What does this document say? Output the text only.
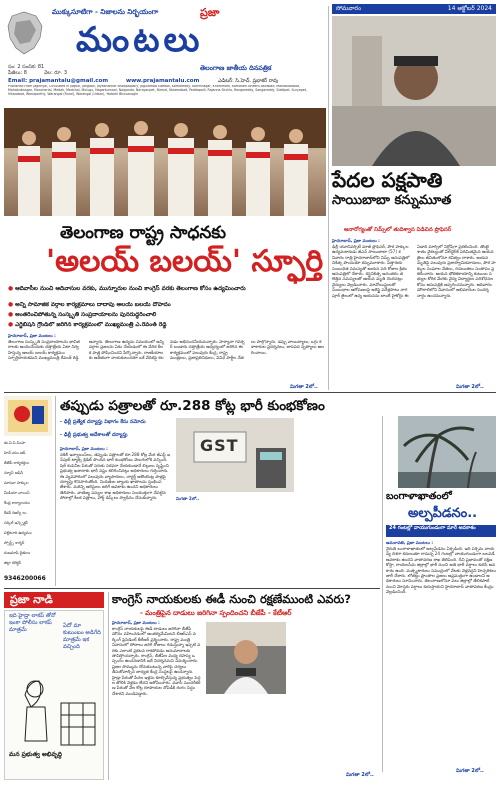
ముక్కుసూటిగా - నిజాలను నిర్భయంగా	ప్రజా
మంటలు
తెలంగాణ జాతీయ దినపత్రిక
సం: 2 సంచిక: 81
పేజీలు: 8	వెల: రూ. 3
Email: prajamantalu@gmail.com	www.prajamantalu.com	ఎడిటర్: సి.హెచ్. ప్రభాకర్ రావు
Published From Jagithyal, Circulated in Jagtial, Jangaon, Jayashankar Bhoopalpally, Jogulamba Gadwal, Kamareddy, Karimnagar, Khammam, Komaram Bheem Asifabad, Mahabubabad, Mahabubnagar, Mancherial, Medak, Medchal, Mulugu, Nagarkurnool, Nalgonda, Narayanpet, Nirmal, Nizamabad, Peddapalli, Rajanna Sircilla, Rangareddy, Sangareddy, Siddipet, Suryapet, Vikarabad, Wanaparthy, Warangal (Rural), Warangal (Urban), Yadadri Bhuvanagiri
సోమవారం	14 అక్టోబర్ 2024
పేదల పక్షపాతి
సాయిబాబా కన్నుమూత
అనారోగ్యంతో నిమ్స్‌లో తుదిశ్వాస విడిచిన ప్రొఫెసర్
హైదరాబాద్, ప్రజా మంటలు :
ఢిల్లీ యూనివర్సిటీ మాజీ ప్రొఫెసర్, పౌర హక్కుల ఉద్యమకారుడు జీఎన్ సాయిబాబా (57) శనివారం రాత్రి హైదరాబాద్‌లోని నిమ్స్ ఆసుపత్రిలో చికిత్స పొందుతూ కన్నుమూశారు. పిత్తాశయ సంబంధిత సమస్యతో ఆయన పది రోజుల క్రితం ఆసుపత్రిలో చేరారు. శస్త్రచికిత్స అనంతరం తలెత్తిన సమస్యలతో ఆయన మృతి చెందినట్లు వైద్యులు వెల్లడించారు. మావోయిస్టులతో సంబంధాల ఆరోపణలపై అరెస్టై పదేళ్లపాటు నాగపూర్ జైలులో ఉన్న ఆయనను బాంబే హైకోర్టు ఈ ఏడాది మార్చిలో నిర్దోషిగా ప్రకటించింది. తొంభై శాతం వైకల్యంతో వీల్‌ఛైర్‌కే పరిమితమైన ఆయన జైలు జీవితంలోనూ కవిత్వం రాశారు. ఆయన మృతిపై పలువురు ప్రజాస్వామికవాదులు, పౌర హక్కుల సంఘాల నేతలు, రచయితలు సంతాపం ప్రకటించారు. ఆయన భౌతికకాయాన్ని కుటుంబ సభ్యుల కోరిక మేరకు వైద్య విద్యార్థుల పరిశోధనల కోసం ఆసుపత్రికి అప్పగించనున్నారు. ఆదివారం మౌలాలిలోని నివాసంలో అభిమానుల సందర్శనార్థం ఉంచనున్నారు.
మిగతా 2లో..
తెలంగాణ రాష్ట్ర సాధనకు
'అలయ్ బలయ్' స్ఫూర్తి
● ఆదివాసీల నుంచి ఆదివాసుల వరకు, మున్నూరుల నుంచి కాంగ్రెస్ వరకు తెలంగాణ కోసం ఉద్యమించారు
● అన్ని సామాజిక వర్గాల కార్యక్రమాలు దాదాపు అలయ్ బలయ్ దోహదం
● అంతరించిపోతున్న సంస్కృతి సంప్రదాయాలను పునరుద్ధరించాలి
● ఎగ్జిబిషన్ గ్రౌండ్‌లో జరిగిన కార్యక్రమంలో ముఖ్యమంత్రి ఎ.రేవంత్ రెడ్డి
హైదరాబాద్, ప్రజా మంటలు :
తెలంగాణ సంస్కృతి సంప్రదాయాలను భావితరాలకు అందించేందుకు దత్తాత్రేయ ఏటా నిర్వహిస్తున్న అలయ్ బలయ్ కార్యక్రమం స్ఫూర్తిదాయకమని ముఖ్యమంత్రి రేవంత్ రెడ్డి అన్నారు. తెలంగాణ ఉద్యమ సమయంలో అన్ని వర్గాల ప్రజలను ఏకం చేయడంలో ఈ వేదిక కీలక పాత్ర పోషించిందని పేర్కొన్నారు. రాజకీయాలకు అతీతంగా నాయకులందరూ ఒకే వేదికపై కలవడం అభినందనీయమన్నారు. హర్యానా గవర్నర్ బండారు దత్తాత్రేయ ఆధ్వర్యంలో జరిగిన ఈ కార్యక్రమంలో పలువురు కేంద్ర, రాష్ట్ర మంత్రులు, ప్రజాప్రతినిధులు, వివిధ పార్టీల నేతలు పాల్గొన్నారు. డప్పు వాయిద్యాలు, ఒగ్గు కళాకారుల ప్రదర్శనలు, జానపద నృత్యాలు అలరించాయి.
మిగతా 2లో..
ఈ.వి.సి.సింహ
హెచ్.యం.ఆర్.
బీజేపీ కార్యకర్తలు
న్యూస్ ఆఫీస్
మానవా హక్కుల
మీడియా వాయిస్
కేంద్ర కార్యాలయం
కేడర్ రిజర్వ్ లు
సర్కిల్ ఇన్స్పెక్టర్
పల్లెటూరి ఉద్యమం
స్పోర్ట్స్ కార్నర్
రుణమాఫీ రైతులు
జిల్లా కలెక్టర్
9346200066
తప్పుడు పత్రాలతో రూ.288 కోట్ల భారీ కుంభకోణం
- ఢిల్లీ ప్రత్యేక దర్యాప్తు విభాగం కేసు నమోదు
- ఢిల్లీ ప్రభుత్వ ఆదేశాలతో దర్యాప్తు
హైదరాబాద్, ప్రజా మంటలు :
నకిలీ ఇన్వాయిస్‌లు, తప్పుడు పత్రాలతో రూ.288 కోట్ల మేర జీఎస్టీ ఇన్‌పుట్ ట్యాక్స్ క్రెడిట్ పొందిన భారీ కుంభకోణం వెలుగులోకి వచ్చింది. షెల్ కంపెనీల పేరుతో సరుకు సరఫరా చేయకుండానే బిల్లులు సృష్టించి ప్రభుత్వ ఖజానాకు భారీ నష్టం కలిగించినట్లు అధికారులు గుర్తించారు. ఈ వ్యవహారంలో పలువురు వ్యాపారులు, చార్టర్డ్ అకౌంటెంట్ల పాత్రపై దర్యాప్తు కొనసాగుతోంది. నిందితుల బ్యాంకు ఖాతాలను స్తంభింపజేశారు. మరిన్ని అరెస్టులు జరిగే అవకాశం ఉందని అధికారులు తెలిపారు. వాణిజ్య పన్నుల శాఖ అధికారులు సంయుక్తంగా చేపట్టిన సోదాల్లో కీలక పత్రాలు, హార్డ్ డిస్క్‌లు స్వాధీనం చేసుకున్నారు.
GST
మిగతా 2లో..	బంగాళాఖాతంలో
అల్పపీడనం..
24 గంటల్లో వాయుగుండంగా మారే అవకాశం
అమరావతి, ప్రజా మంటలు :
నైరుతి బంగాళాఖాతంలో అల్పపీడనం ఏర్పడింది. ఇది పశ్చిమ వాయవ్య దిశగా కదులుతూ రానున్న 24 గంటల్లో వాయుగుండంగా బలపడే అవకాశం ఉందని వాతావరణ శాఖ తెలిపింది. దీని ప్రభావంతో దక్షిణ కోస్తా, రాయలసీమ జిల్లాల్లో భారీ నుంచి అతి భారీ వర్షాలు కురిసే అవకాశం ఉంది. మత్స్యకారులు సముద్రంలో వేటకు వెళ్లవద్దని హెచ్చరికలు జారీ చేశారు. లోతట్టు ప్రాంతాల ప్రజలు అప్రమత్తంగా ఉండాలని అధికారులు సూచించారు. తెలంగాణలోనూ పలు జిల్లాల్లో తేలికపాటి నుంచి మోస్తరు వర్షాలు కురుస్తాయని హైదరాబాద్ వాతావరణ కేంద్రం వెల్లడించింది.
మిగతా 2లో..
ప్రజా నాడి
ఇది హైడ్రా లాకప్ తోనో ఇంకా పోలీసు లాకప్ మాత్రమే
ఏదో మా కుటుంబం అడిగేది మాత్రమే ఇక వచ్చింది
మన ప్రభుత్వ అభివృద్ధి
కాంగ్రెస్ నాయకులకు ఈడీ నుంచి రక్షణేముంటి ఎవరు?
- మంత్రిపైన దాడులు జరిగినా స్పందించని బీజేపీ - కేటీఆర్
హైదరాబాద్, ప్రజా మంటలు :
కాంగ్రెస్ నాయకులపై ఈడీ దాడులు జరిగినా బీజేపీ మౌనం వహించడంలో ఆంతర్యమేమిటని బీఆర్ఎస్ వర్కింగ్ ప్రెసిడెంట్ కేటీఆర్ ప్రశ్నించారు. రాష్ట్ర మంత్రి నివాసంలో సోదాలు జరిగి రోజులు గడుస్తున్నా ఇప్పటి వరకు ఎలాంటి ప్రకటన రాకపోవడం అనుమానాలకు తావిస్తోందన్నారు. కాంగ్రెస్, బీజేపీల మధ్య రహస్య ఒప్పందం ఉందనడానికి ఇదే నిదర్శనమని విమర్శించారు. ప్రజల సొమ్మును దోచుకుంటున్న వారిపై చర్యలు తీసుకోవాల్సిన బాధ్యత కేంద్ర సంస్థలపై ఉందన్నారు. హైడ్రా పేరుతో పేదల ఇళ్లను కూల్చివేస్తున్న ప్రభుత్వం పెద్దల జోలికి వెళ్లడం లేదని ఆరోపించారు. మూసీ సుందరీకరణ పేరుతో వేల కోట్ల రూపాయల దోపిడీకి రంగం సిద్ధం చేశారని మండిపడ్డారు.
మిగతా 2లో..
